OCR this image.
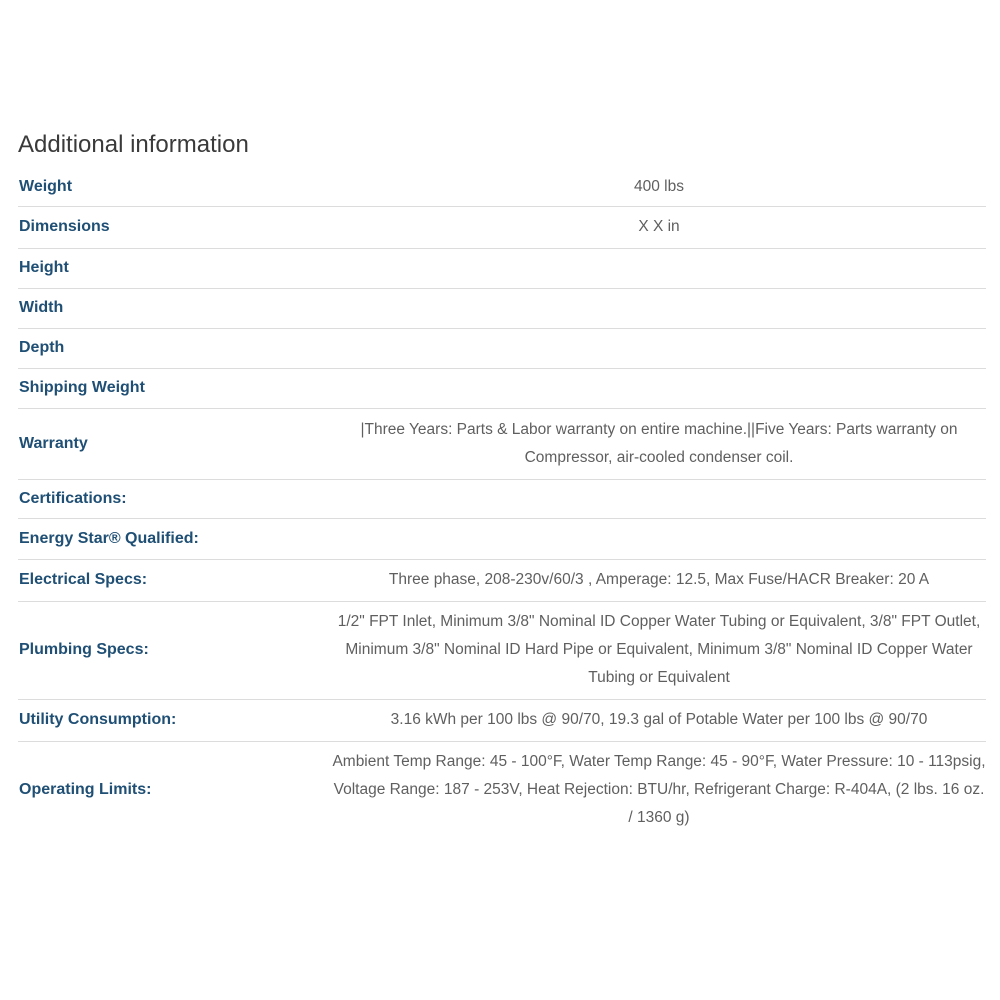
Additional information
Weight	400 lbs
Dimensions	X X in
Height	
Width	
Depth	
Shipping Weight	
Warranty	|Three Years: Parts & Labor warranty on entire machine.||Five Years: Parts warranty on Compressor, air-cooled condenser coil.
Certifications:	
Energy Star® Qualified:	
Electrical Specs:	Three phase, 208-230v/60/3 , Amperage: 12.5, Max Fuse/HACR Breaker: 20 A
Plumbing Specs:	1/2" FPT Inlet, Minimum 3/8" Nominal ID Copper Water Tubing or Equivalent, 3/8" FPT Outlet, Minimum 3/8" Nominal ID Hard Pipe or Equivalent, Minimum 3/8" Nominal ID Copper Water Tubing or Equivalent
Utility Consumption:	3.16 kWh per 100 lbs @ 90/70, 19.3 gal of Potable Water per 100 lbs @ 90/70
Operating Limits:	Ambient Temp Range: 45 - 100°F, Water Temp Range: 45 - 90°F, Water Pressure: 10 - 113psig, Voltage Range: 187 - 253V, Heat Rejection: BTU/hr, Refrigerant Charge: R-404A, (2 lbs. 16 oz. / 1360 g)
